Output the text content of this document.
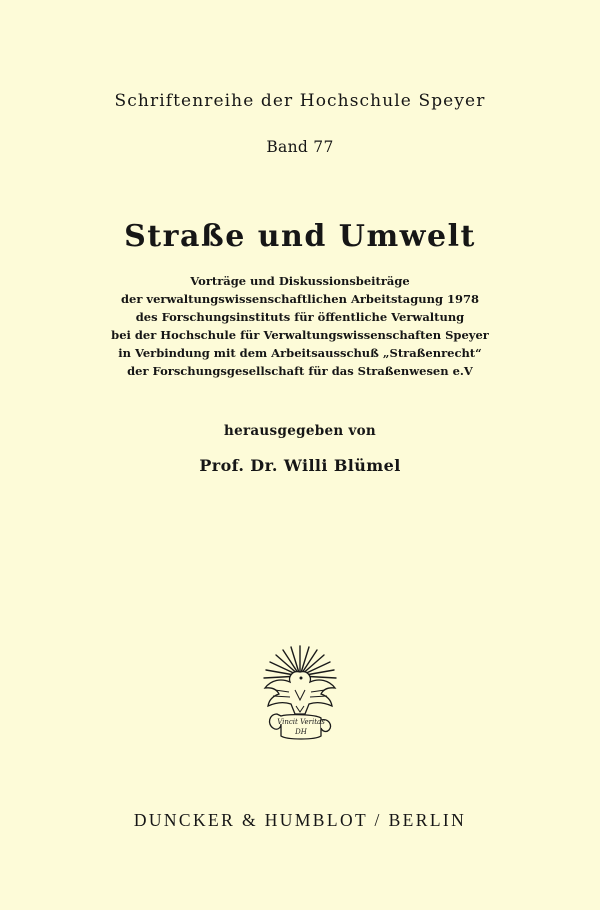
Schriftenreihe der Hochschule Speyer
Band 77
Straße und Umwelt
Vorträge und Diskussionsbeiträge
der verwaltungswissenschaftlichen Arbeitstagung 1978
des Forschungsinstituts für öffentliche Verwaltung
bei der Hochschule für Verwaltungswissenschaften Speyer
in Verbindung mit dem Arbeitsausschuß „Straßenrecht“
der Forschungsgesellschaft für das Straßenwesen e.V
herausgegeben von
Prof. Dr. Willi Blümel
Vincit Veritas
DH
DUNCKER & HUMBLOT / BERLIN
